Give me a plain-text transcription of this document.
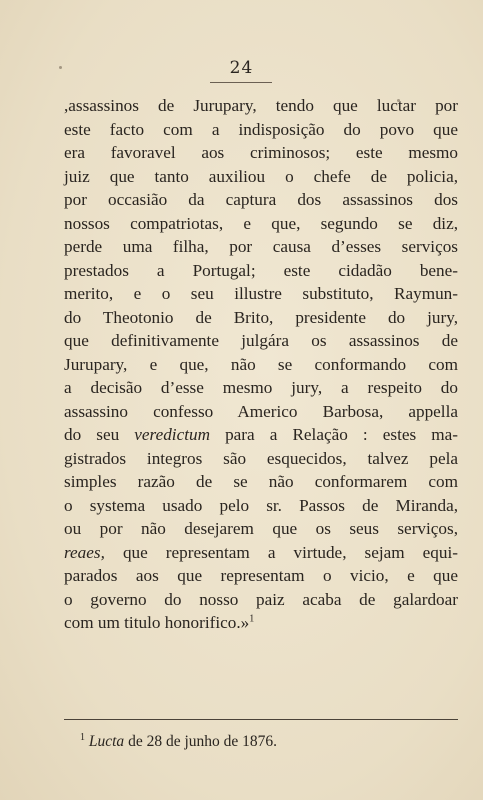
24
,assassinos de Jurupary, tendo que luctar por
este facto com a indisposição do povo que
era favoravel aos criminosos; este mesmo
juiz que tanto auxiliou o chefe de policia,
por occasião da captura dos assassinos dos
nossos compatriotas, e que, segundo se diz,
perde uma filha, por causa d’esses serviços
prestados a Portugal; este cidadão bene-
merito, e o seu illustre substituto, Raymun-
do Theotonio de Brito, presidente do jury,
que definitivamente julgára os assassinos de
Jurupary, e que, não se conformando com
a decisão d’esse mesmo jury, a respeito do
assassino confesso Americo Barbosa, appella
do seu veredictum para a Relação : estes ma-
gistrados integros são esquecidos, talvez pela
simples razão de se não conformarem com
o systema usado pelo sr. Passos de Miranda,
ou por não desejarem que os seus serviços,
reaes, que representam a virtude, sejam equi-
parados aos que representam o vicio, e que
o governo do nosso paiz acaba de galardoar
com um titulo honorifico.»$^1$
$^1$ Lucta de 28 de junho de 1876.
